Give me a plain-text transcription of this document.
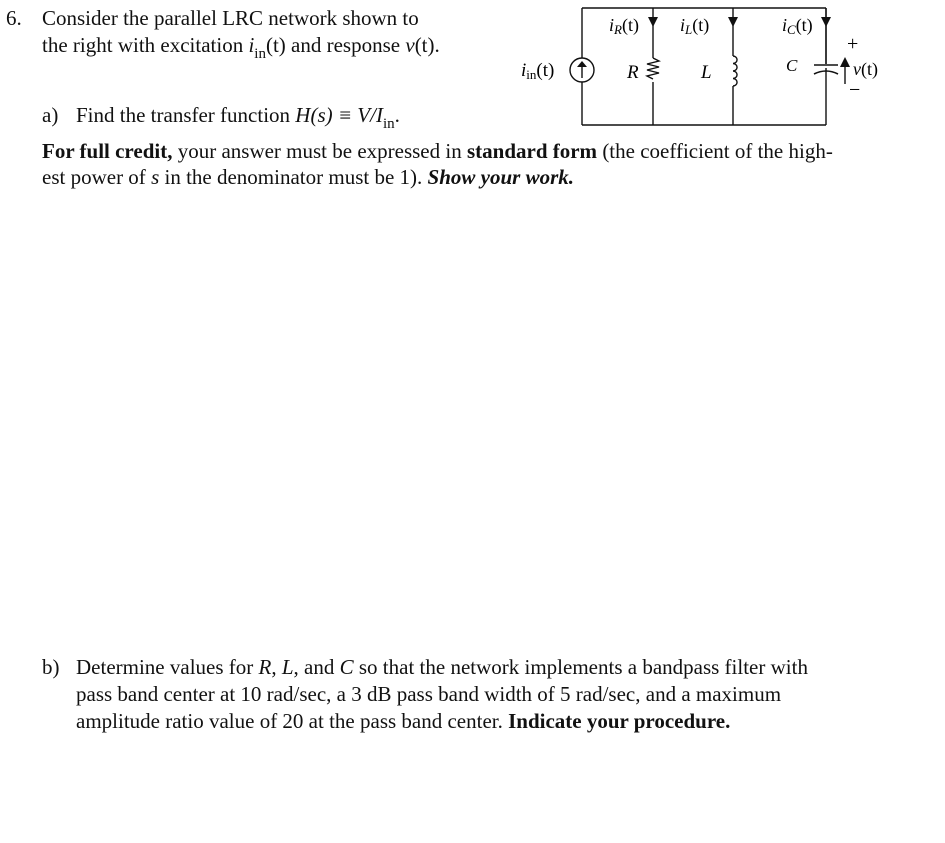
6. Consider the parallel LRC network shown to
the right with excitation $i_{in}(t)$ and response v(t).
iin(t)	R	L	C
iR(t) iL(t)	iC(t)
+
−
v(t)
a) Find the transfer function $H(s) \equiv V/I_{in}$.
For full credit, your answer must be expressed in standard form (the coefficient of the high-
est power of s in the denominator must be 1). Show your work.
b) Determine values for R, L, and C so that the network implements a bandpass filter with
pass band center at 10 rad/sec, a 3 dB pass band width of 5 rad/sec, and a maximum
amplitude ratio value of 20 at the pass band center. Indicate your procedure.
